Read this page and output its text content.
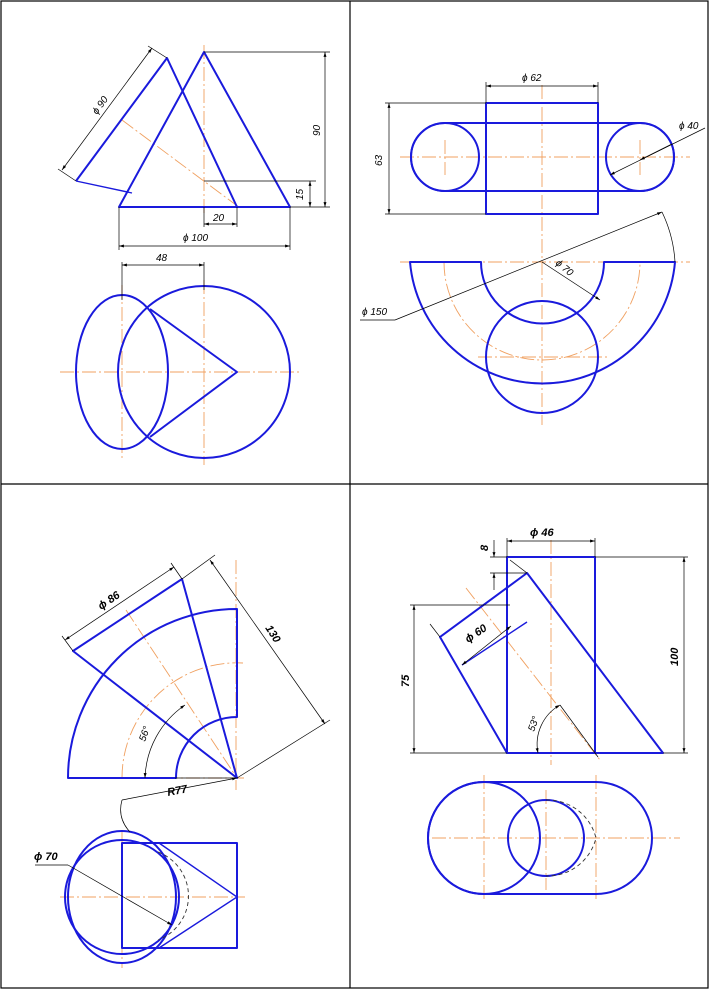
ϕ 90
90
15
20
ϕ 100
48
ϕ 62
ϕ 40
63
ϕ 70
ϕ 150
ϕ 86
130
56°
R77
ϕ 70
ϕ 46
8
ϕ 60
75
100
53°
